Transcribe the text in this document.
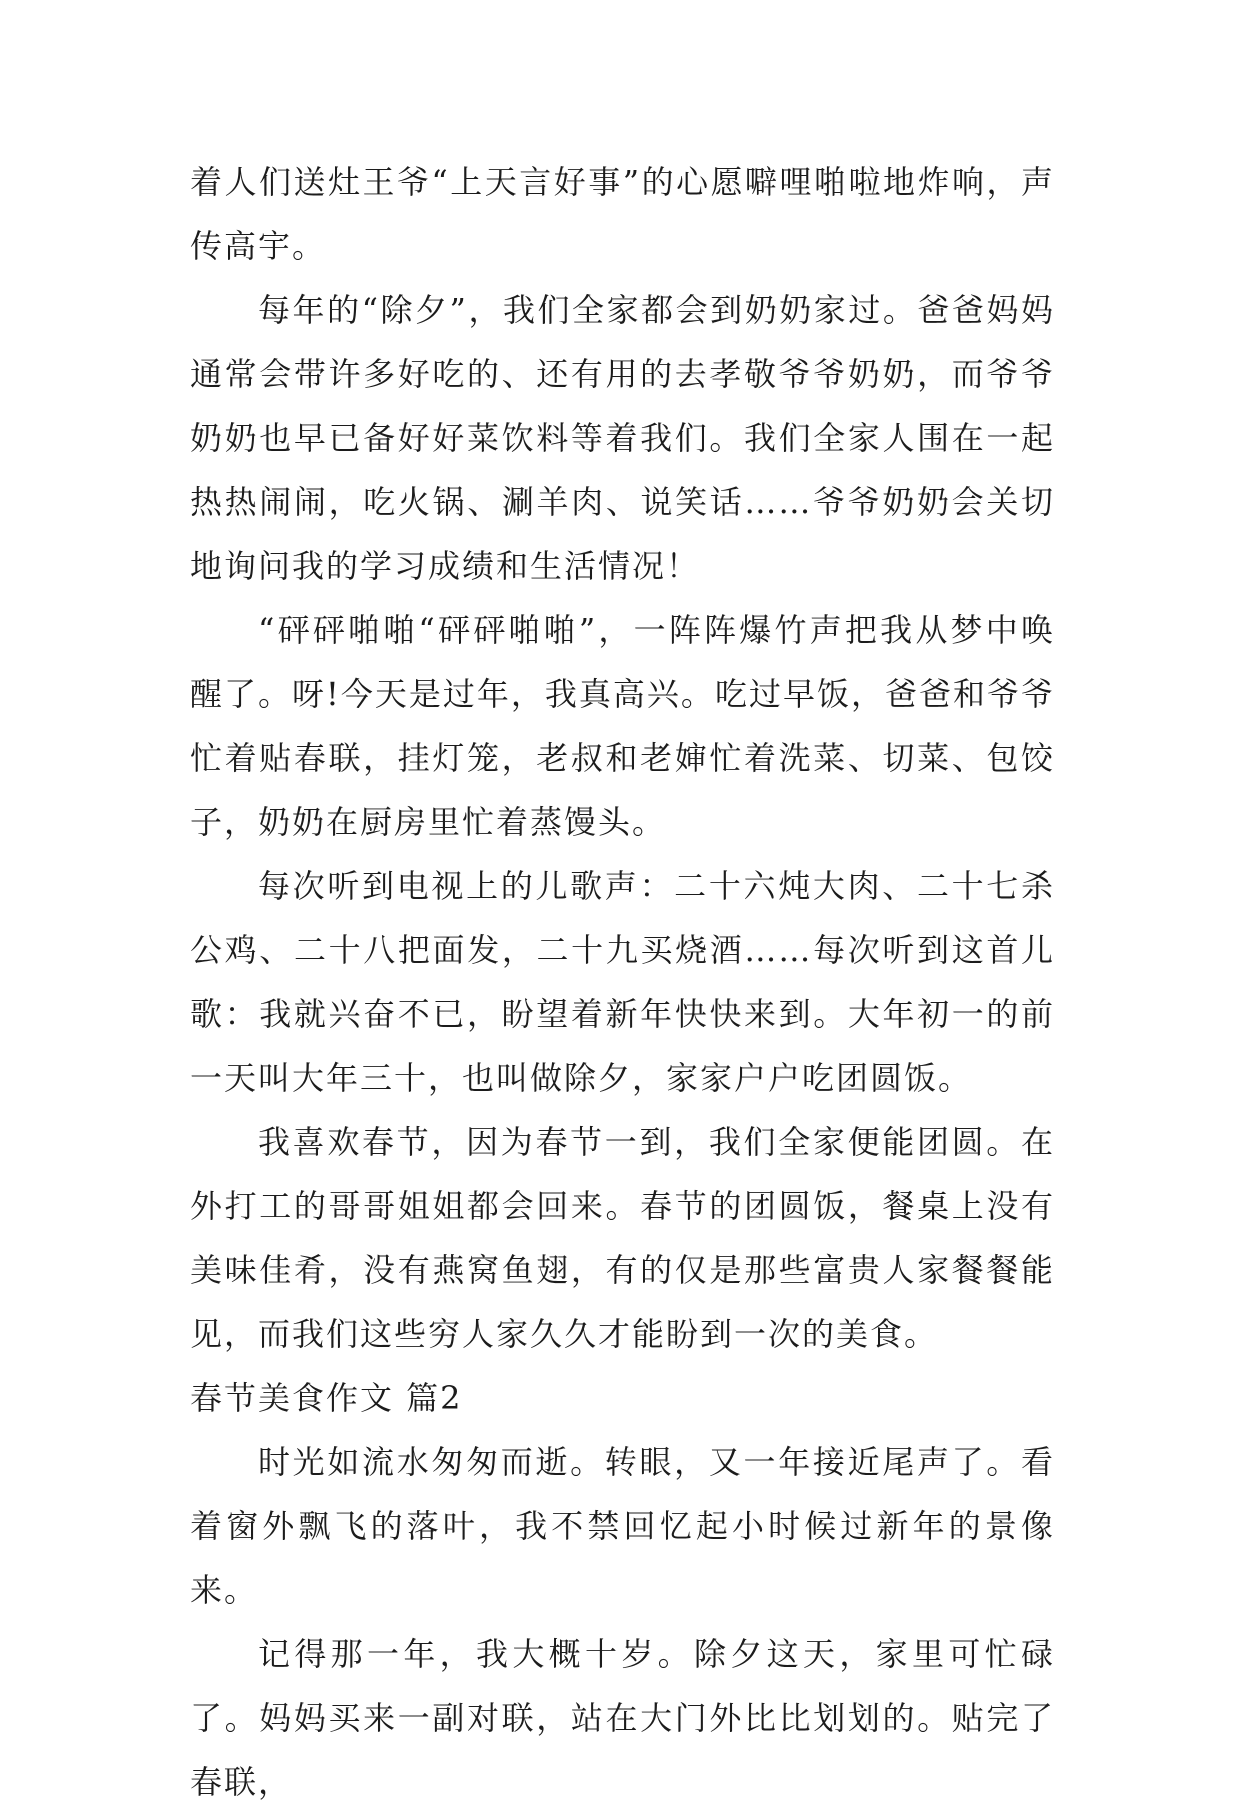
着人们送灶王爷“上天言好事”的心愿噼哩啪啦地炸响，声传高宇。

每年的“除夕”，我们全家都会到奶奶家过。爸爸妈妈通常会带许多好吃的、还有用的去孝敬爷爷奶奶，而爷爷奶奶也早已备好好菜饮料等着我们。我们全家人围在一起热热闹闹，吃火锅、涮羊肉、说笑话……爷爷奶奶会关切地询问我的学习成绩和生活情况！

“砰砰啪啪“砰砰啪啪”，一阵阵爆竹声把我从梦中唤醒了。呀!今天是过年，我真高兴。吃过早饭，爸爸和爷爷忙着贴春联，挂灯笼，老叔和老婶忙着洗菜、切菜、包饺子，奶奶在厨房里忙着蒸馒头。

每次听到电视上的儿歌声：二十六炖大肉、二十七杀公鸡、二十八把面发，二十九买烧酒……每次听到这首儿歌：我就兴奋不已，盼望着新年快快来到。大年初一的前一天叫大年三十，也叫做除夕，家家户户吃团圆饭。

我喜欢春节，因为春节一到，我们全家便能团圆。在外打工的哥哥姐姐都会回来。春节的团圆饭，餐桌上没有美味佳肴，没有燕窝鱼翅，有的仅是那些富贵人家餐餐能见，而我们这些穷人家久久才能盼到一次的美食。

春节美食作文 篇2

时光如流水匆匆而逝。转眼，又一年接近尾声了。看着窗外飘飞的落叶，我不禁回忆起小时候过新年的景像来。

记得那一年，我大概十岁。除夕这天，家里可忙碌了。妈妈买来一副对联，站在大门外比比划划的。贴完了春联，
